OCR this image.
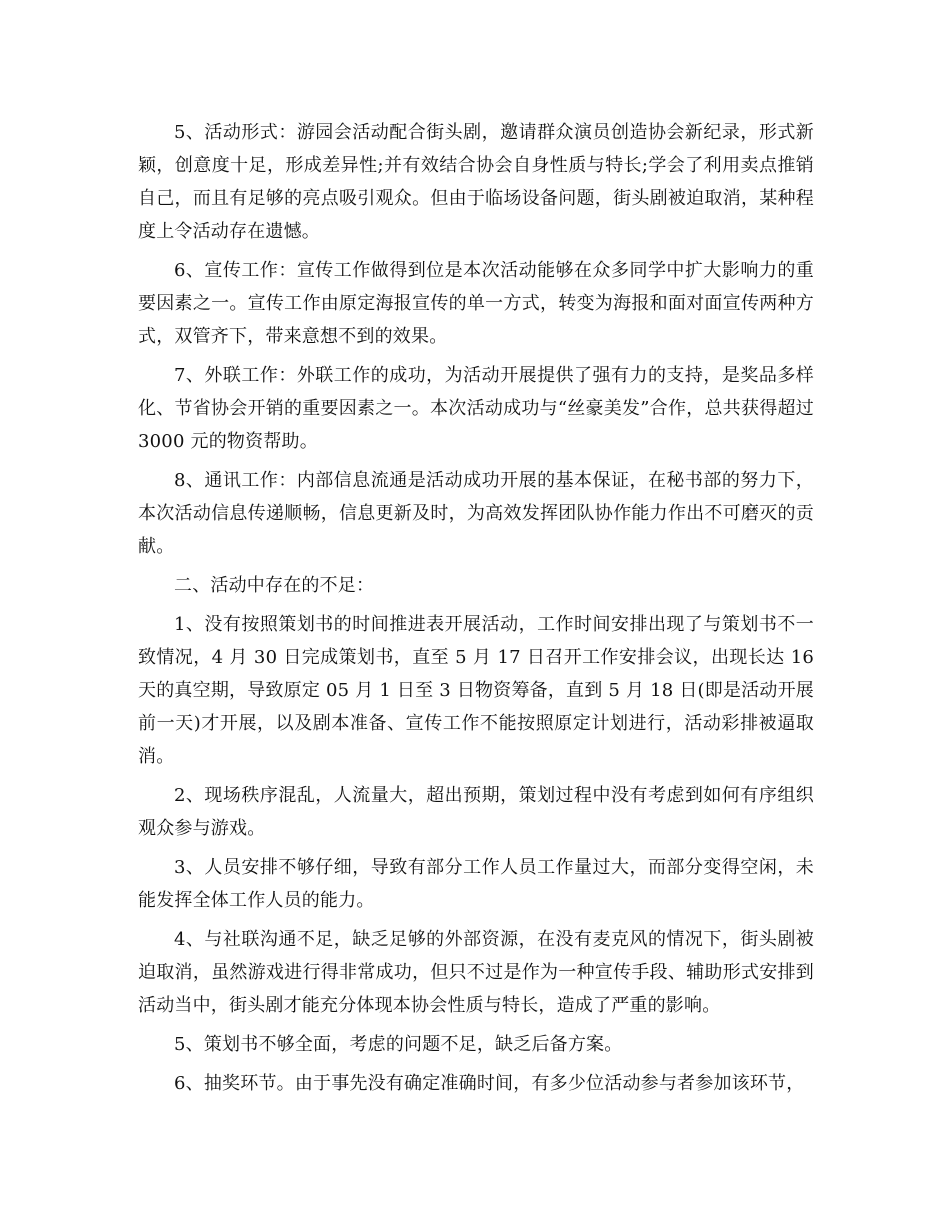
5、活动形式：游园会活动配合街头剧，邀请群众演员创造协会新纪录，形式新颖，创意度十足，形成差异性;并有效结合协会自身性质与特长;学会了利用卖点推销自己，而且有足够的亮点吸引观众。但由于临场设备问题，街头剧被迫取消，某种程度上令活动存在遗憾。

6、宣传工作：宣传工作做得到位是本次活动能够在众多同学中扩大影响力的重要因素之一。宣传工作由原定海报宣传的单一方式，转变为海报和面对面宣传两种方式，双管齐下，带来意想不到的效果。

7、外联工作：外联工作的成功，为活动开展提供了强有力的支持，是奖品多样化、节省协会开销的重要因素之一。本次活动成功与“丝豪美发”合作，总共获得超过 3000 元的物资帮助。

8、通讯工作：内部信息流通是活动成功开展的基本保证，在秘书部的努力下，本次活动信息传递顺畅，信息更新及时，为高效发挥团队协作能力作出不可磨灭的贡献。

二、活动中存在的不足：

1、没有按照策划书的时间推进表开展活动，工作时间安排出现了与策划书不一致情况，4 月 30 日完成策划书，直至 5 月 17 日召开工作安排会议，出现长达 16 天的真空期，导致原定 05 月 1 日至 3 日物资筹备，直到 5 月 18 日(即是活动开展前一天)才开展，以及剧本准备、宣传工作不能按照原定计划进行，活动彩排被逼取消。

2、现场秩序混乱，人流量大，超出预期，策划过程中没有考虑到如何有序组织观众参与游戏。

3、人员安排不够仔细，导致有部分工作人员工作量过大，而部分变得空闲，未能发挥全体工作人员的能力。

4、与社联沟通不足，缺乏足够的外部资源，在没有麦克风的情况下，街头剧被迫取消，虽然游戏进行得非常成功，但只不过是作为一种宣传手段、辅助形式安排到活动当中，街头剧才能充分体现本协会性质与特长，造成了严重的影响。

5、策划书不够全面，考虑的问题不足，缺乏后备方案。

6、抽奖环节。由于事先没有确定准确时间，有多少位活动参与者参加该环节，
